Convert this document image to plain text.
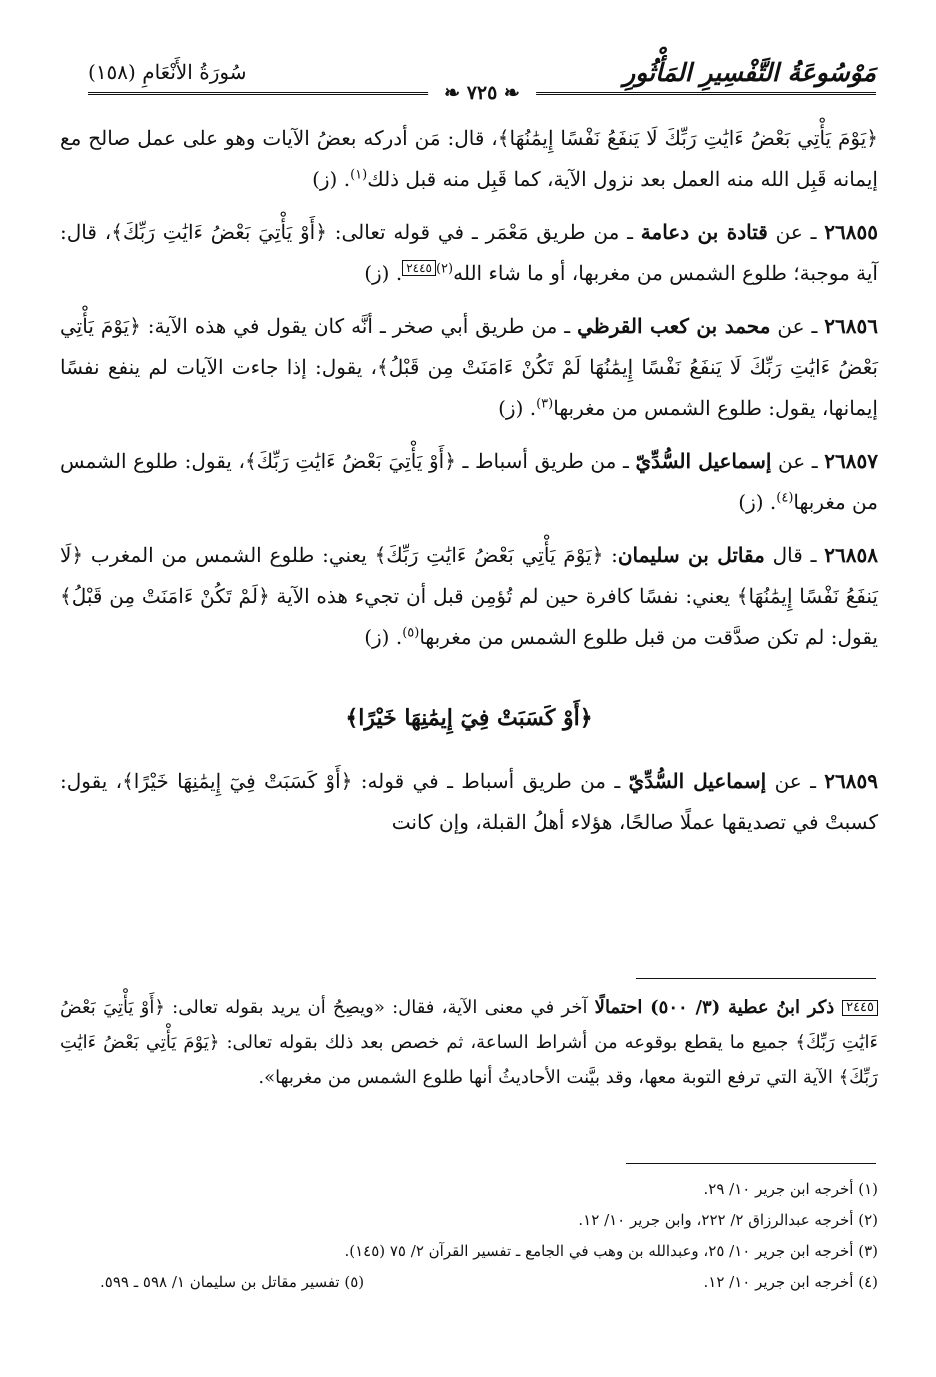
مَوْسُوعَةُ التَّفْسِيرِ المَأْثُورِ
سُورَةُ الأَنْعَامِ (١٥٨)
❧ ٧٢٥ ❧

﴿يَوْمَ يَأْتِي بَعْضُ ءَايَٰتِ رَبِّكَ لَا يَنفَعُ نَفْسًا إِيمَٰنُهَا﴾، قال: مَن أدركه بعضُ الآيات وهو على عمل صالح مع إيمانه قَبِل الله منه العمل بعد نزول الآية، كما قَبِل منه قبل ذلك$^{(١)}$. (ز)

٢٦٨٥٥ ـ عن قتادة بن دعامة ـ من طريق مَعْمَر ـ في قوله تعالى: ﴿أَوْ يَأْتِيَ بَعْضُ ءَايَٰتِ رَبِّكَ﴾، قال: آية موجبة؛ طلوع الشمس من مغربها، أو ما شاء الله$^{(٢)}$٢٤٤٥. (ز)

٢٦٨٥٦ ـ عن محمد بن كعب القرظي ـ من طريق أبي صخر ـ أنَّه كان يقول في هذه الآية: ﴿يَوْمَ يَأْتِي بَعْضُ ءَايَٰتِ رَبِّكَ لَا يَنفَعُ نَفْسًا إِيمَٰنُهَا لَمْ تَكُنْ ءَامَنَتْ مِن قَبْلُ﴾، يقول: إذا جاءت الآيات لم ينفع نفسًا إيمانها، يقول: طلوع الشمس من مغربها$^{(٣)}$. (ز)

٢٦٨٥٧ ـ عن إسماعيل السُّدِّيّ ـ من طريق أسباط ـ ﴿أَوْ يَأْتِيَ بَعْضُ ءَايَٰتِ رَبِّكَ﴾، يقول: طلوع الشمس من مغربها$^{(٤)}$. (ز)

٢٦٨٥٨ ـ قال مقاتل بن سليمان: ﴿يَوْمَ يَأْتِي بَعْضُ ءَايَٰتِ رَبِّكَ﴾ يعني: طلوع الشمس من المغرب ﴿لَا يَنفَعُ نَفْسًا إِيمَٰنُهَا﴾ يعني: نفسًا كافرة حين لم تُؤمِن قبل أن تجيء هذه الآية ﴿لَمْ تَكُنْ ءَامَنَتْ مِن قَبْلُ﴾ يقول: لم تكن صدَّقت من قبل طلوع الشمس من مغربها$^{(٥)}$. (ز)

﴿أَوْ كَسَبَتْ فِيٓ إِيمَٰنِهَا خَيْرًا﴾

٢٦٨٥٩ ـ عن إسماعيل السُّدِّيّ ـ من طريق أسباط ـ في قوله: ﴿أَوْ كَسَبَتْ فِيٓ إِيمَٰنِهَا خَيْرًا﴾، يقول: كسبتْ في تصديقها عملًا صالحًا، هؤلاء أهلُ القبلة، وإن كانت

٢٤٤٥ ذكر ابنُ عطية (٣/ ٥٠٠) احتمالًا آخر في معنى الآية، فقال: «ويصِحُ أن يريد بقوله تعالى: ﴿أَوْ يَأْتِيَ بَعْضُ ءَايَٰتِ رَبِّكَ﴾ جميع ما يقطع بوقوعه من أشراط الساعة، ثم خصص بعد ذلك بقوله تعالى: ﴿يَوْمَ يَأْتِي بَعْضُ ءَايَٰتِ رَبِّكَ﴾ الآية التي ترفع التوبة معها، وقد بيَّنت الأحاديثُ أنها طلوع الشمس من مغربها».
(١) أخرجه ابن جرير ١٠/ ٢٩.
(٢) أخرجه عبدالرزاق ٢/ ٢٢٢، وابن جرير ١٠/ ١٢.
(٣) أخرجه ابن جرير ١٠/ ٢٥، وعبدالله بن وهب في الجامع ـ تفسير القرآن ٢/ ٧٥ (١٤٥).
(٤) أخرجه ابن جرير ١٠/ ١٢.
(٥) تفسير مقاتل بن سليمان ١/ ٥٩٨ ـ ٥٩٩.
